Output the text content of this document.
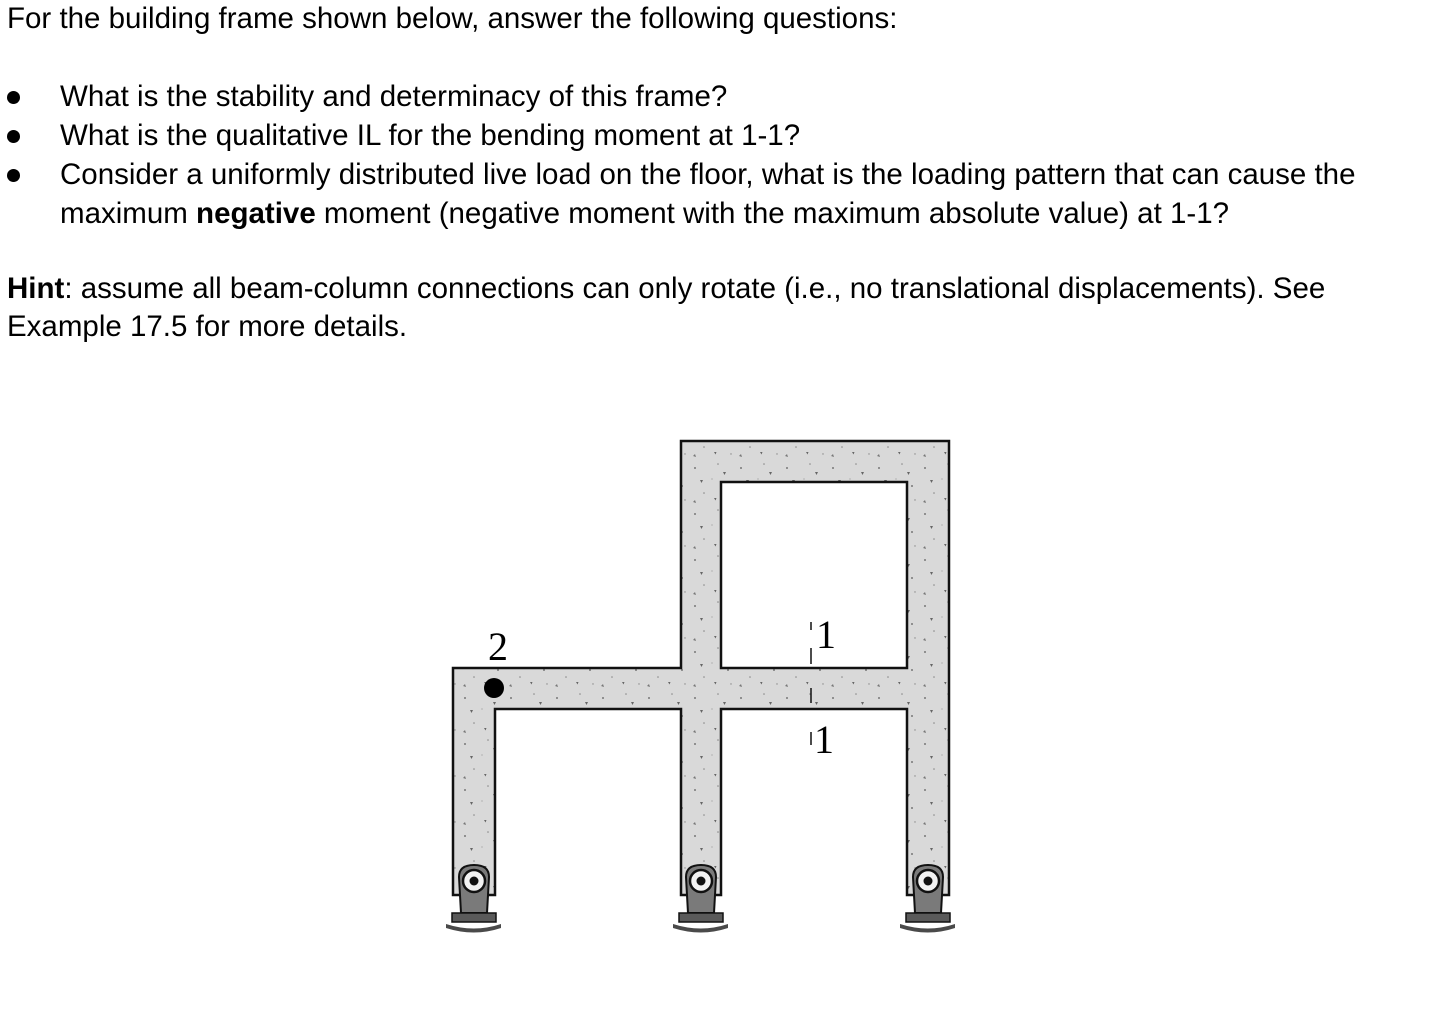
For the building frame shown below, answer the following questions:

What is the stability and determinacy of this frame?
What is the qualitative IL for the bending moment at 1-1?
Consider a uniformly distributed live load on the floor, what is the loading pattern that can cause the maximum negative moment (negative moment with the maximum absolute value) at 1-1?

Hint: assume all beam-column connections can only rotate (i.e., no translational displacements). See Example 17.5 for more details.

1
1
2
